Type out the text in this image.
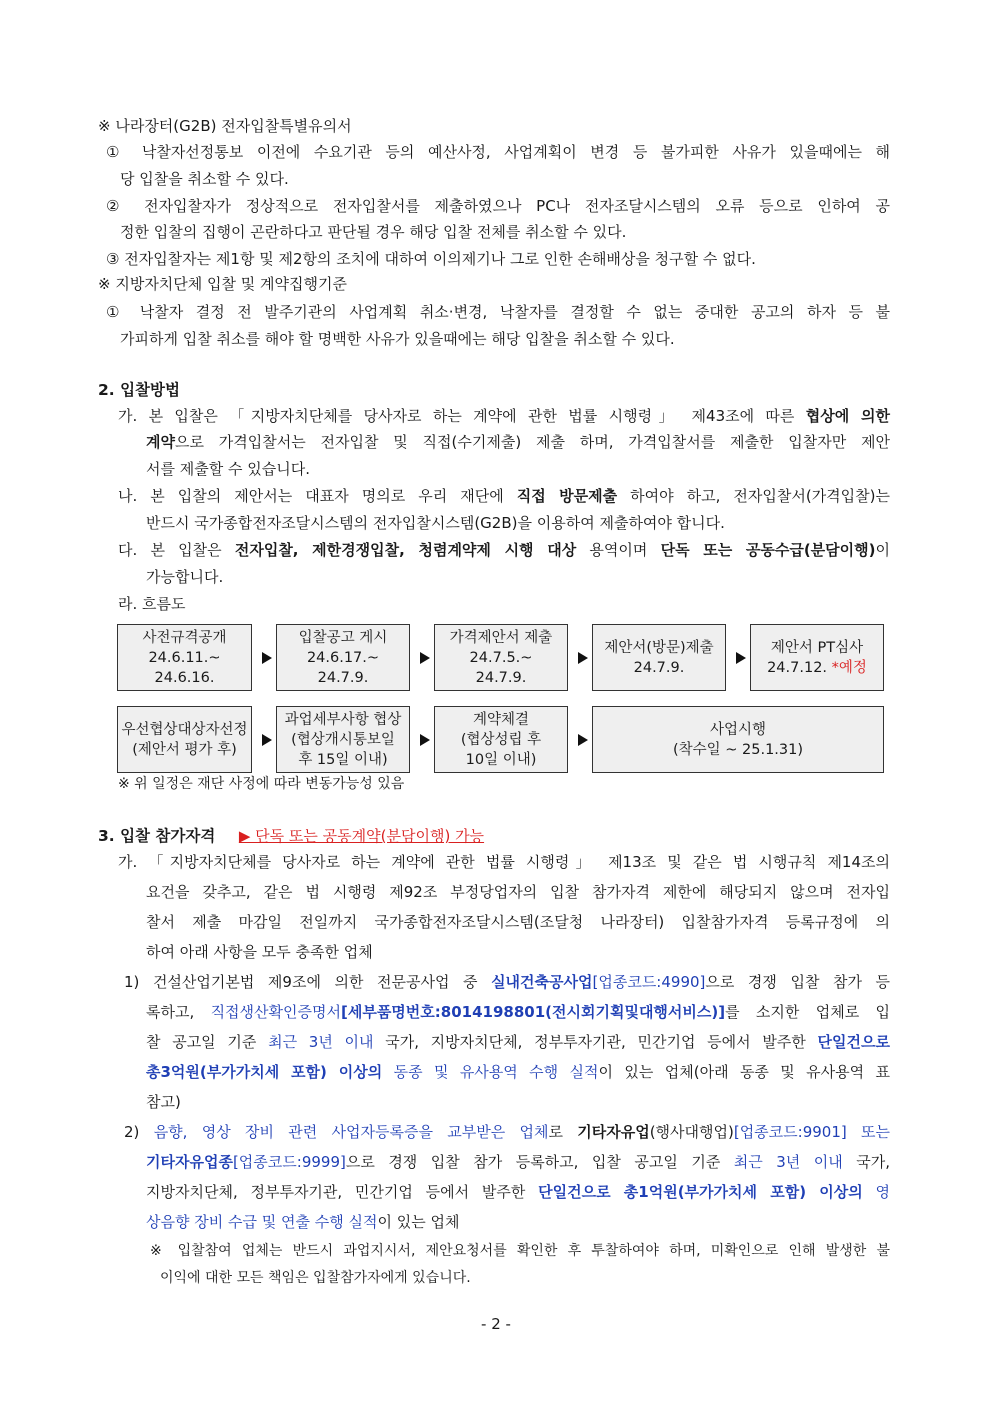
※ 나라장터(G2B) 전자입찰특별유의서
① 낙찰자선정통보 이전에 수요기관 등의 예산사정, 사업계획이 변경 등 불가피한 사유가 있을때에는 해
당 입찰을 취소할 수 있다.
② 전자입찰자가 정상적으로 전자입찰서를 제출하였으나 PC나 전자조달시스템의 오류 등으로 인하여 공
정한 입찰의 집행이 곤란하다고 판단될 경우 해당 입찰 전체를 취소할 수 있다.
③ 전자입찰자는 제1항 및 제2항의 조치에 대하여 이의제기나 그로 인한 손해배상을 청구할 수 없다.
※ 지방자치단체 입찰 및 계약집행기준
① 낙찰자 결정 전 발주기관의 사업계획 취소·변경, 낙찰자를 결정할 수 없는 중대한 공고의 하자 등 불
가피하게 입찰 취소를 해야 할 명백한 사유가 있을때에는 해당 입찰을 취소할 수 있다.
2. 입찰방법
가. 본 입찰은 「지방자치단체를 당사자로 하는 계약에 관한 법률 시행령」 제43조에 따른 협상에 의한
계약으로 가격입찰서는 전자입찰 및 직접(수기제출) 제출 하며, 가격입찰서를 제출한 입찰자만 제안
서를 제출할 수 있습니다.
나. 본 입찰의 제안서는 대표자 명의로 우리 재단에 직접 방문제출 하여야 하고, 전자입찰서(가격입찰)는
반드시 국가종합전자조달시스템의 전자입찰시스템(G2B)을 이용하여 제출하여야 합니다.
다. 본 입찰은 전자입찰, 제한경쟁입찰, 청렴계약제 시행 대상 용역이며 단독 또는 공동수급(분담이행)이
가능합니다.
라. 흐름도
사전규격공개
24.6.11.~
24.6.16.
입찰공고 게시
24.6.17.~
24.7.9.
가격제안서 제출
24.7.5.~
24.7.9.
제안서(방문)제출
24.7.9.
제안서 PT심사
24.7.12. *예정
우선협상대상자선정
(제안서 평가 후)
과업세부사항 협상
(협상개시통보일
후 15일 이내)
계약체결
(협상성립 후
10일 이내)
사업시행
(착수일 ~ 25.1.31)
※ 위 일정은 재단 사정에 따라 변동가능성 있음
3. 입찰 참가자격 ▶ 단독 또는 공동계약(분담이행) 가능
가. 「지방자치단체를 당사자로 하는 계약에 관한 법률 시행령」 제13조 및 같은 법 시행규칙 제14조의
요건을 갖추고, 같은 법 시행령 제92조 부정당업자의 입찰 참가자격 제한에 해당되지 않으며 전자입
찰서 제출 마감일 전일까지 국가종합전자조달시스템(조달청 나라장터) 입찰참가자격 등록규정에 의
하여 아래 사항을 모두 충족한 업체
1) 건설산업기본법 제9조에 의한 전문공사업 중 실내건축공사업[업종코드:4990]으로 경쟁 입찰 참가 등
록하고, 직접생산확인증명서[세부품명번호:8014198801(전시회기획및대행서비스)]를 소지한 업체로 입
찰 공고일 기준 최근 3년 이내 국가, 지방자치단체, 정부투자기관, 민간기업 등에서 발주한 단일건으로
총3억원(부가가치세 포함) 이상의 동종 및 유사용역 수행 실적이 있는 업체(아래 동종 및 유사용역 표
참고)
2) 음향, 영상 장비 관련 사업자등록증을 교부받은 업체로 기타자유업(행사대행업)[업종코드:9901] 또는
기타자유업종[업종코드:9999]으로 경쟁 입찰 참가 등록하고, 입찰 공고일 기준 최근 3년 이내 국가,
지방자치단체, 정부투자기관, 민간기업 등에서 발주한 단일건으로 총1억원(부가가치세 포함) 이상의 영
상음향 장비 수급 및 연출 수행 실적이 있는 업체
※ 입찰참여 업체는 반드시 과업지시서, 제안요청서를 확인한 후 투찰하여야 하며, 미확인으로 인해 발생한 불
이익에 대한 모든 책임은 입찰참가자에게 있습니다.
- 2 -
